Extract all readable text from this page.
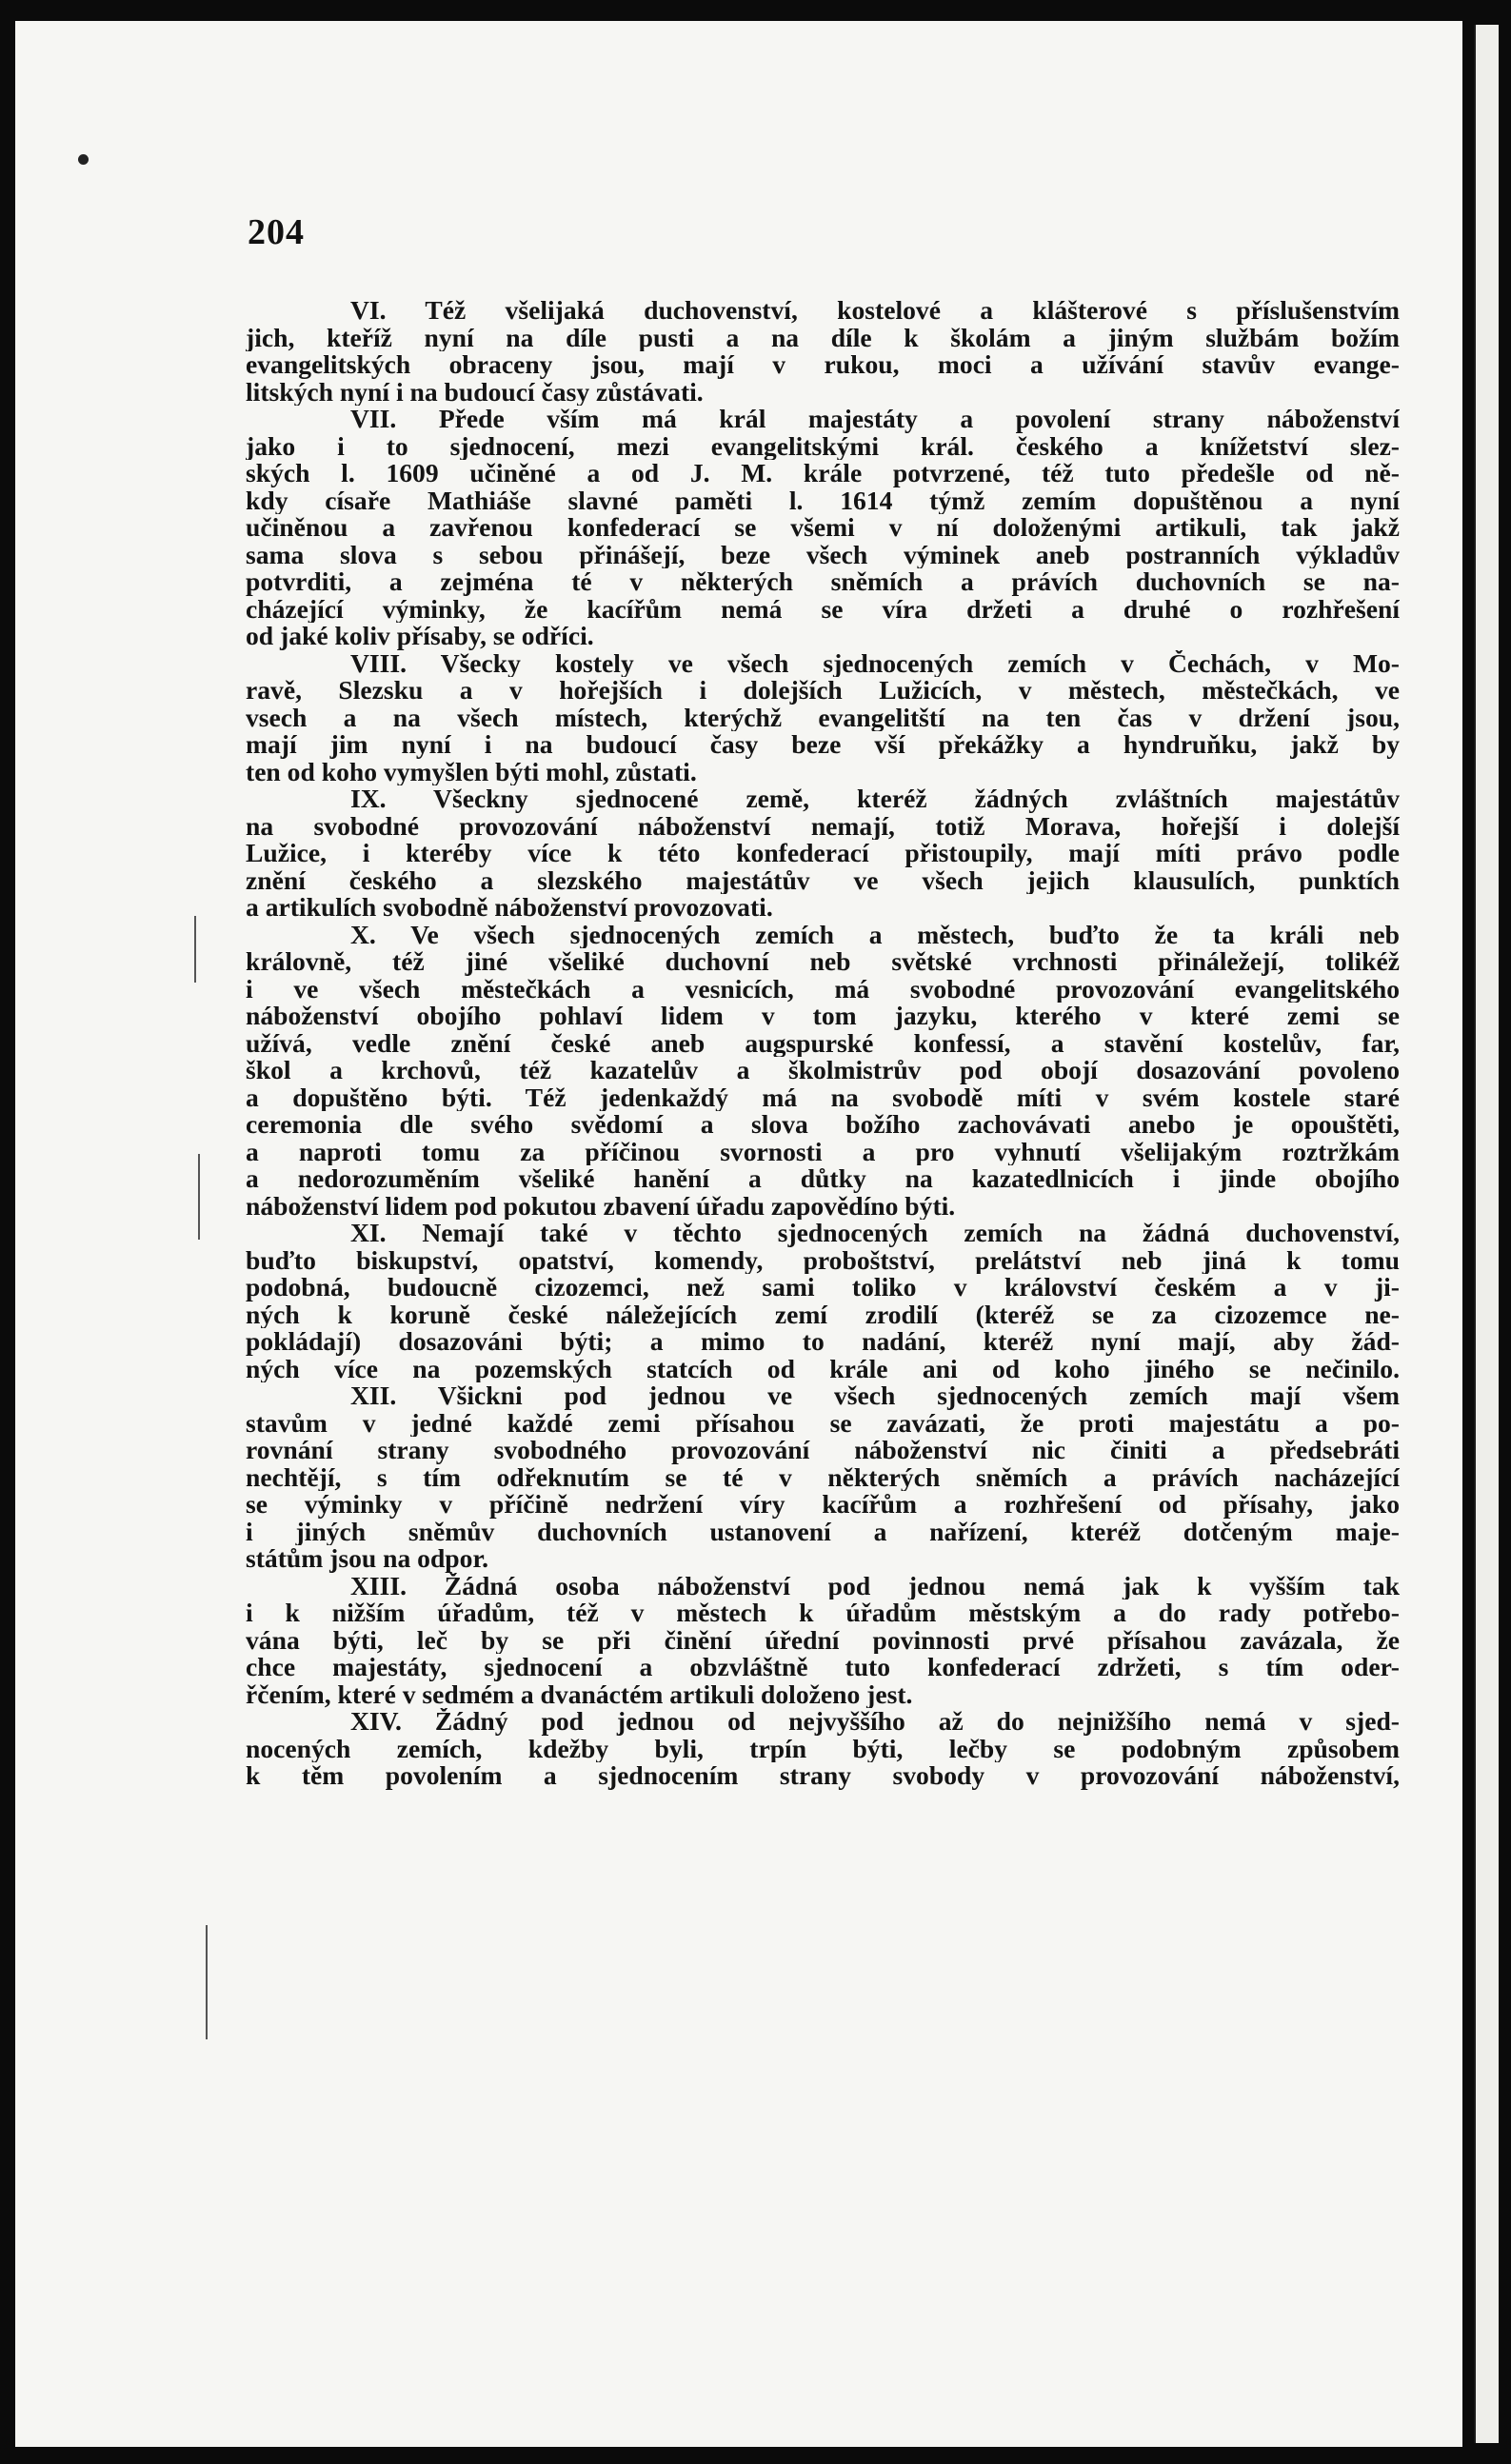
204
VI. Též všelijaká duchovenství, kostelové a klášterové s příslušenstvím
jich, kteříž nyní na díle pusti a na díle k školám a jiným službám božím
evangelitských obraceny jsou, mají v rukou, moci a užívání stavův evange-
litských nyní i na budoucí časy zůstávati.
VII. Přede vším má král majestáty a povolení strany náboženství
jako i to sjednocení, mezi evangelitskými král. českého a knížetství slez-
ských l. 1609 učiněné a od J. M. krále potvrzené, též tuto předešle od ně-
kdy císaře Mathiáše slavné paměti l. 1614 týmž zemím dopuštěnou a nyní
učiněnou a zavřenou konfederací se všemi v ní doloženými artikuli, tak jakž
sama slova s sebou přinášejí, beze všech výminek aneb postranních výkladův
potvrditi, a zejména té v některých sněmích a právích duchovních se na-
cházející výminky, že kacířům nemá se víra držeti a druhé o rozhřešení
od jaké koliv přísaby, se odříci.
VIII. Všecky kostely ve všech sjednocených zemích v Čechách, v Mo-
ravě, Slezsku a v hořejších i dolejších Lužicích, v městech, městečkách, ve
vsech a na všech místech, kterýchž evangelitští na ten čas v držení jsou,
mají jim nyní i na budoucí časy beze vší překážky a hyndruňku, jakž by
ten od koho vymyšlen býti mohl, zůstati.
IX. Všeckny sjednocené země, kteréž žádných zvláštních majestátův
na svobodné provozování náboženství nemají, totiž Morava, hořejší i dolejší
Lužice, i kteréby více k této konfederací přistoupily, mají míti právo podle
znění českého a slezského majestátův ve všech jejich klausulích, punktích
a artikulích svobodně náboženství provozovati.
X. Ve všech sjednocených zemích a městech, buďto že ta králi neb
královně, též jiné všeliké duchovní neb světské vrchnosti přináležejí, tolikéž
i ve všech městečkách a vesnicích, má svobodné provozování evangelitského
náboženství obojího pohlaví lidem v tom jazyku, kterého v které zemi se
užívá, vedle znění české aneb augspurské konfessí, a stavění kostelův, far,
škol a krchovů, též kazatelův a školmistrův pod obojí dosazování povoleno
a dopuštěno býti. Též jedenkaždý má na svobodě míti v svém kostele staré
ceremonia dle svého svědomí a slova božího zachovávati anebo je opouštěti,
a naproti tomu za příčinou svornosti a pro vyhnutí všelijakým roztržkám
a nedorozuměním všeliké hanění a důtky na kazatedlnicích i jinde obojího
náboženství lidem pod pokutou zbavení úřadu zapovědíno býti.
XI. Nemají také v těchto sjednocených zemích na žádná duchovenství,
buďto biskupství, opatství, komendy, proboštství, prelátství neb jiná k tomu
podobná, budoucně cizozemci, než sami toliko v království českém a v ji-
ných k koruně české náležejících zemí zrodilí (kteréž se za cizozemce ne-
pokládají) dosazováni býti; a mimo to nadání, kteréž nyní mají, aby žád-
ných více na pozemských statcích od krále ani od koho jiného se nečinilo.
XII. Všickni pod jednou ve všech sjednocených zemích mají všem
stavům v jedné každé zemi přísahou se zavázati, že proti majestátu a po-
rovnání strany svobodného provozování náboženství nic činiti a předsebráti
nechtějí, s tím odřeknutím se té v některých sněmích a právích nacházející
se výminky v příčině nedržení víry kacířům a rozhřešení od přísahy, jako
i jiných sněmův duchovních ustanovení a nařízení, kteréž dotčeným maje-
státům jsou na odpor.
XIII. Žádná osoba náboženství pod jednou nemá jak k vyšším tak
i k nižším úřadům, též v městech k úřadům městským a do rady potřebo-
vána býti, leč by se při činění úřední povinnosti prvé přísahou zavázala, že
chce majestáty, sjednocení a obzvláštně tuto konfederací zdržeti, s tím oder-
řčením, které v sedmém a dvanáctém artikuli doloženo jest.
XIV. Žádný pod jednou od nejvyššího až do nejnižšího nemá v sjed-
nocených zemích, kdežby byli, trpín býti, lečby se podobným způsobem
k těm povolením a sjednocením strany svobody v provozování náboženství,
